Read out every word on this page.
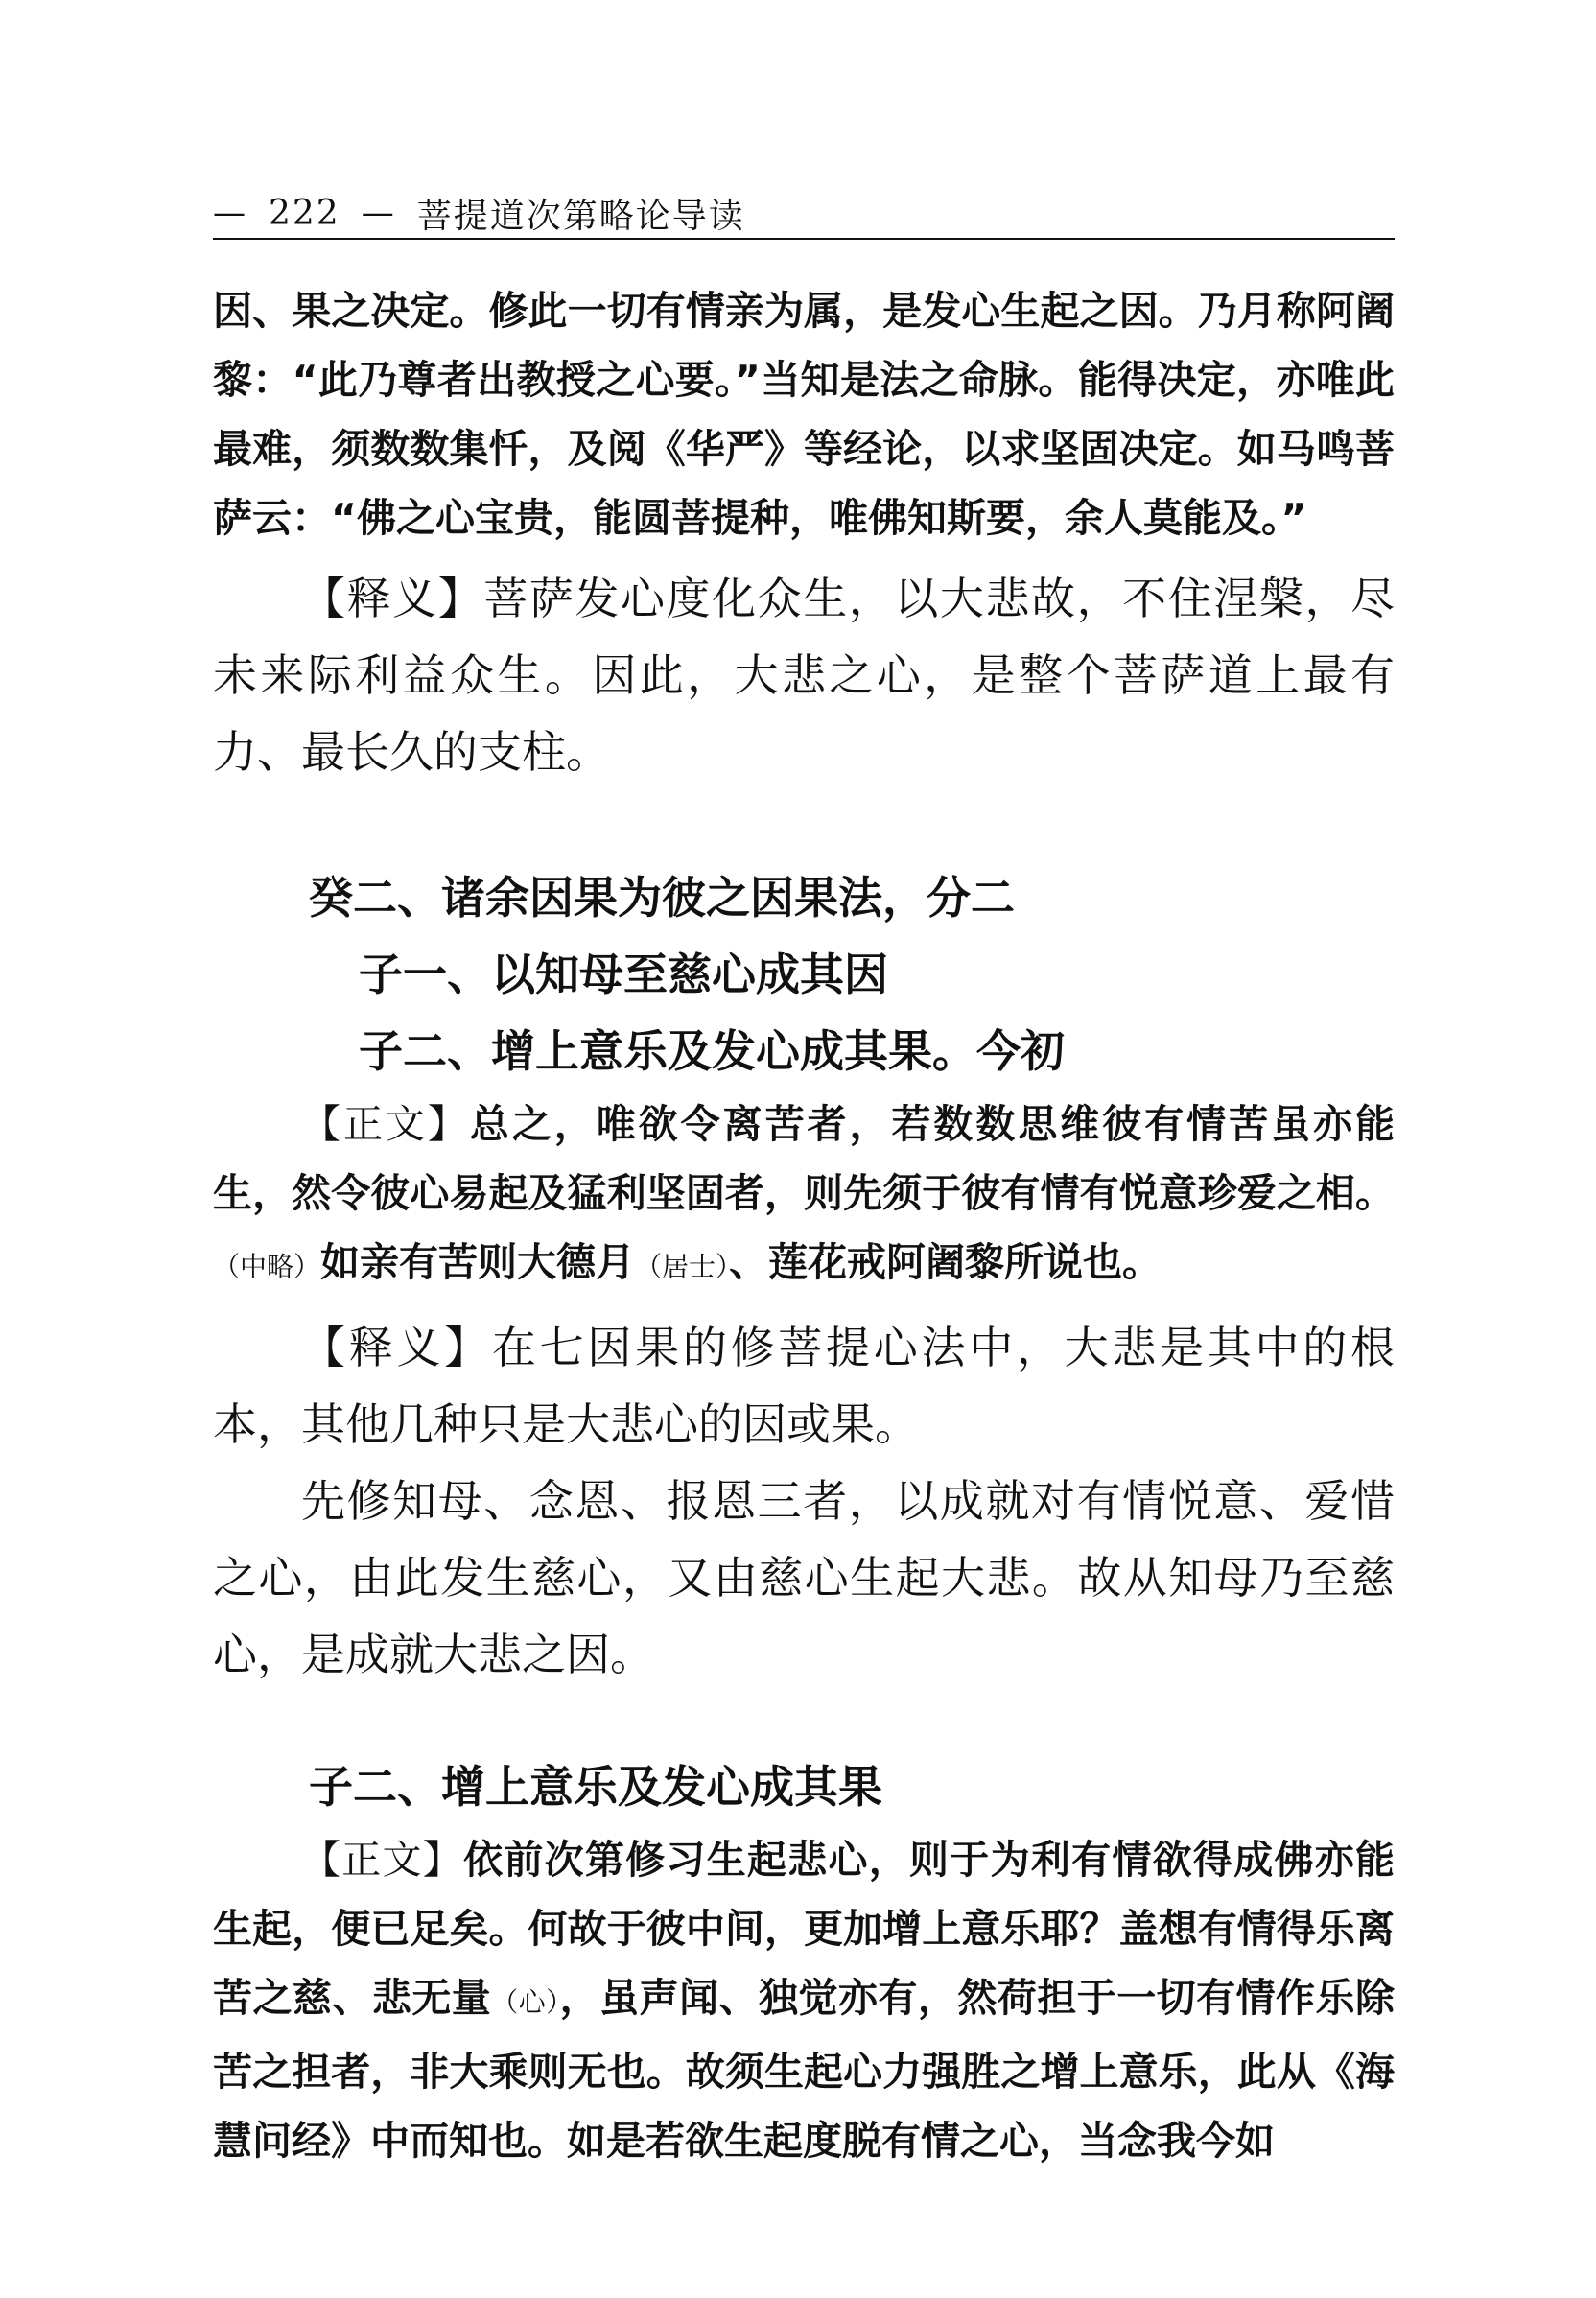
— 222 — 菩提道次第略论导读

因、果之决定。修此一切有情亲为属，是发心生起之因。乃月称阿阇黎：“此乃尊者出教授之心要。”当知是法之命脉。能得决定，亦唯此最难，须数数集忏，及阅《华严》等经论，以求坚固决定。如马鸣菩萨云：“佛之心宝贵，能圆菩提种，唯佛知斯要，余人莫能及。”

【释义】菩萨发心度化众生，以大悲故，不住涅槃，尽未来际利益众生。因此，大悲之心，是整个菩萨道上最有力、最长久的支柱。

癸二、诸余因果为彼之因果法，分二

子一、以知母至慈心成其因

子二、增上意乐及发心成其果。今初

【正文】总之，唯欲令离苦者，若数数思维彼有情苦虽亦能生，然令彼心易起及猛利坚固者，则先须于彼有情有悦意珍爱之相。（中略）如亲有苦则大德月（居士）、莲花戒阿阇黎所说也。

【释义】在七因果的修菩提心法中，大悲是其中的根本，其他几种只是大悲心的因或果。

先修知母、念恩、报恩三者，以成就对有情悦意、爱惜之心，由此发生慈心，又由慈心生起大悲。故从知母乃至慈心，是成就大悲之因。

子二、增上意乐及发心成其果

【正文】依前次第修习生起悲心，则于为利有情欲得成佛亦能生起，便已足矣。何故于彼中间，更加增上意乐耶？盖想有情得乐离苦之慈、悲无量（心），虽声闻、独觉亦有，然荷担于一切有情作乐除苦之担者，非大乘则无也。故须生起心力强胜之增上意乐，此从《海慧问经》中而知也。如是若欲生起度脱有情之心，当念我今如
